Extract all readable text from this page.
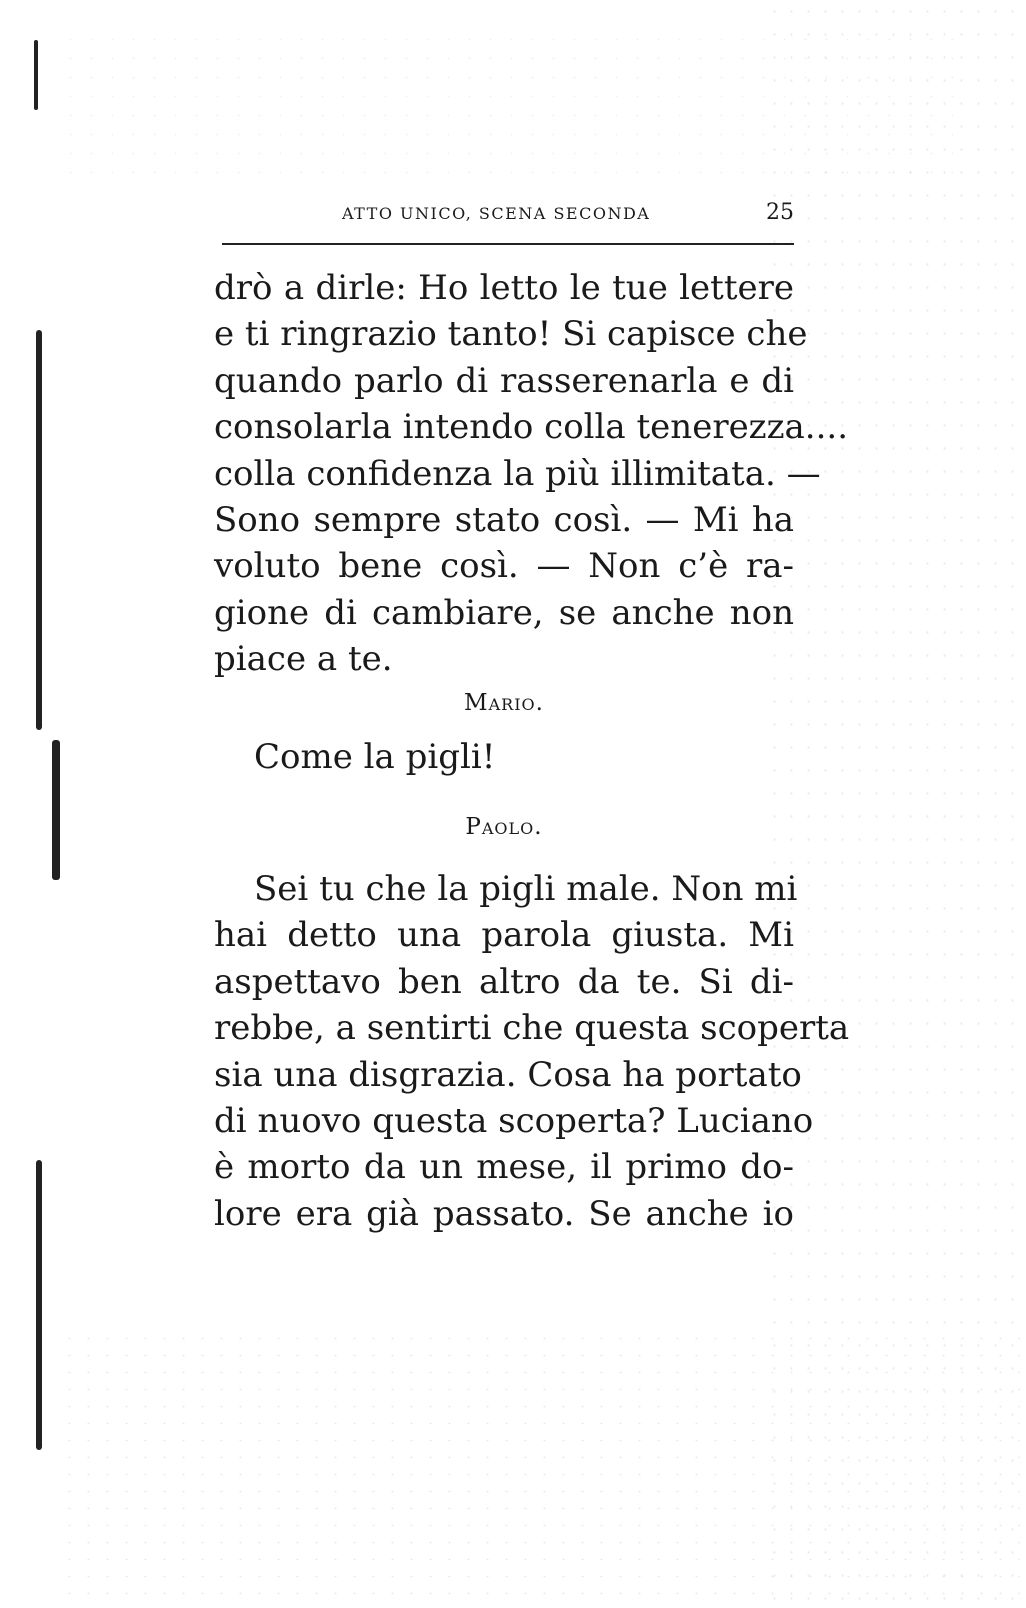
ATTO UNICO, SCENA SECONDA	25
drò a dirle: Ho letto le tue lettere
e ti ringrazio tanto! Si capisce che
quando parlo di rasserenarla e di
consolarla intendo colla tenerezza....
colla confidenza la più illimitata. —
Sono sempre stato così. — Mi ha
voluto bene così. — Non c’è ra-
gione di cambiare, se anche non
piace a te.
Mario.
Come la pigli!
Paolo.
Sei tu che la pigli male. Non mi
hai detto una parola giusta. Mi
aspettavo ben altro da te. Si di-
rebbe, a sentirti che questa scoperta
sia una disgrazia. Cosa ha portato
di nuovo questa scoperta? Luciano
è morto da un mese, il primo do-
lore era già passato. Se anche io
